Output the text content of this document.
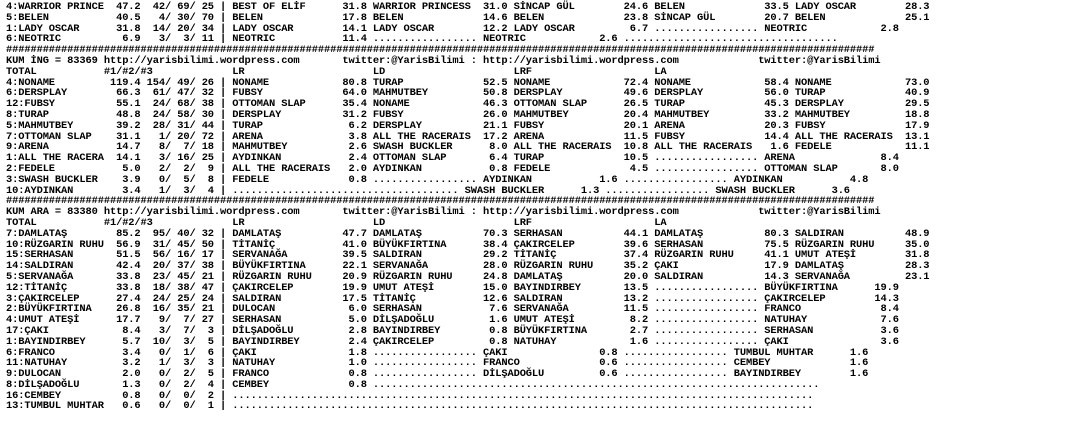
4:WARRIOR PRINCE  47.2  42/ 69/ 25 | BEST OF ELİF      31.8 WARRIOR PRINCESS  31.0 SİNCAP GÜL        24.6 BELEN             33.5 LADY OSCAR        28.3
5:BELEN           40.5   4/ 30/ 70 | BELEN             17.8 BELEN             14.6 BELEN             23.8 SİNCAP GÜL        20.7 BELEN             25.1
1:LADY OSCAR      31.8  14/ 20/ 34 | LADY OSCAR        14.1 LADY OSCAR        12.2 LADY OSCAR         6.7 ................. NEOTRIC            2.8
6:NEOTRIC          6.9   3/  3/ 11 | NEOTRIC           11.4 ................. NEOTRIC            2.6 ...................................
##############################################################################################################################################
KUM İNG = 83369 http://yarisbilimi.wordpress.com       twitter:@YarisBilimi : http://yarisbilimi.wordpress.com             twitter:@YarisBilimi
TOTAL           #1/#2/#3             LR                     LD                     LRF                    LA
4:NONAME         119.4 154/ 49/ 26 | NONAME            80.8 TURAP             52.5 NONAME            72.4 NONAME            58.4 NONAME            73.0
6:DERSPLAY        66.3  61/ 47/ 32 | FUBSY             64.0 MAHMUTBEY         50.8 DERSPLAY          49.6 DERSPLAY          56.0 TURAP             40.9
12:FUBSY          55.1  24/ 68/ 38 | OTTOMAN SLAP      35.4 NONAME            46.3 OTTOMAN SLAP      26.5 TURAP             45.3 DERSPLAY          29.5
8:TURAP           48.8  24/ 58/ 30 | DERSPLAY          31.2 FUBSY             26.0 MAHMUTBEY         20.4 MAHMUTBEY         33.2 MAHMUTBEY         18.8
5:MAHMUTBEY       39.2  28/ 31/ 44 | TURAP              6.2 DERSPLAY          21.1 FUBSY             20.1 ARENA             20.3 FUBSY             17.9
7:OTTOMAN SLAP    31.1   1/ 20/ 72 | ARENA              3.8 ALL THE RACERAIS  17.2 ARENA             11.5 FUBSY             14.4 ALL THE RACERAIS  13.1
9:ARENA           14.7   8/  7/ 18 | MAHMUTBEY          2.6 SWASH BUCKLER      8.0 ALL THE RACERAIS  10.8 ALL THE RACERAIS   1.6 FEDELE            11.1
1:ALL THE RACERA  14.1   3/ 16/ 25 | AYDINKAN           2.4 OTTOMAN SLAP       6.4 TURAP             10.5 ................. ARENA              8.4
2:FEDELE           5.0   2/  2/  9 | ALL THE RACERAIS   2.0 AYDINKAN           0.8 FEDELE             4.5 ................. OTTOMAN SLAP       8.0
3:SWASH BUCKLER    3.9   0/  5/  8 | FEDELE             0.8 ................. AYDINKAN           1.6 ................. AYDINKAN           4.8
10:AYDINKAN        3.4   1/  3/  4 | ..................................... SWASH BUCKLER      1.3 ................. SWASH BUCKLER      3.6
##############################################################################################################################################
KUM ARA = 83380 http://yarisbilimi.wordpress.com       twitter:@YarisBilimi : http://yarisbilimi.wordpress.com             twitter:@YarisBilimi
TOTAL           #1/#2/#3             LR                     LD                     LRF                    LA
7:DAMLATAŞ        85.2  95/ 40/ 32 | DAMLATAŞ          47.7 DAMLATAŞ          70.3 SERHASAN          44.1 DAMLATAŞ          80.3 SALDIRAN          48.9
10:RÜZGARIN RUHU  56.9  31/ 45/ 50 | TİTANİÇ           41.0 BÜYÜKFIRTINA      38.4 ÇAKIRCELEP        39.6 SERHASAN          75.5 RÜZGARIN RUHU     35.0
15:SERHASAN       51.5  56/ 16/ 17 | SERVANAĞA         39.5 SALDIRAN          29.2 TİTANİÇ           37.4 RÜZGARIN RUHU     41.1 UMUT ATEŞİ        31.8
14:SALDIRAN       42.4  20/ 37/ 38 | BÜYÜKFIRTINA      22.1 SERVANAĞA         28.0 RÜZGARIN RUHU     35.2 ÇAKI              17.9 DAMLATAŞ          28.3
5:SERVANAĞA       33.8  23/ 45/ 21 | RÜZGARIN RUHU     20.9 RÜZGARIN RUHU     24.8 DAMLATAŞ          20.0 SALDIRAN          14.3 SERVANAĞA         23.1
12:TİTANİÇ        33.8  18/ 38/ 47 | ÇAKIRCELEP        19.9 UMUT ATEŞİ        15.0 BAYINDIRBEY       13.5 ................. BÜYÜKFIRTINA      19.9
3:ÇAKIRCELEP      27.4  24/ 25/ 24 | SALDIRAN          17.5 TİTANİÇ           12.6 SALDIRAN          13.2 ................. ÇAKIRCELEP        14.3
2:BÜYÜKFIRTINA    26.8  16/ 35/ 21 | DULOCAN            6.0 SERHASAN           7.6 SERVANAĞA         11.5 ................. FRANCO             8.4
4:UMUT ATEŞİ      17.7   9/  7/ 27 | SERHASAN           5.0 DİLŞADOĞLU         1.6 UMUT ATEŞİ         8.2 ................. NATUHAY            7.6
17:ÇAKI            8.4   3/  7/  3 | DİLŞADOĞLU         2.8 BAYINDIRBEY        0.8 BÜYÜKFIRTINA       2.7 ................. SERHASAN           3.6
1:BAYINDIRBEY      5.7  10/  3/  5 | BAYINDIRBEY        2.4 ÇAKIRCELEP         0.8 NATUHAY            1.6 ................. ÇAKI               3.6
6:FRANCO           3.4   0/  1/  6 | ÇAKI               1.8 ................. ÇAKI               0.8 ................. TUMBUL MUHTAR      1.6
11:NATUHAY         3.2   1/  3/  3 | NATUHAY            1.0 ................. FRANCO             0.6 ................. CEMBEY             1.6
9:DULOCAN          2.0   0/  2/  5 | FRANCO             0.8 ................. DİLŞADOĞLU         0.6 ................. BAYINDIRBEY        1.6
8:DİLŞADOĞLU       1.3   0/  2/  4 | CEMBEY             0.8 .........................................................................
16:CEMBEY          0.8   0/  0/  2 | ...............................................................................................
13:TUMBUL MUHTAR   0.6   0/  0/  1 | ...............................................................................................
